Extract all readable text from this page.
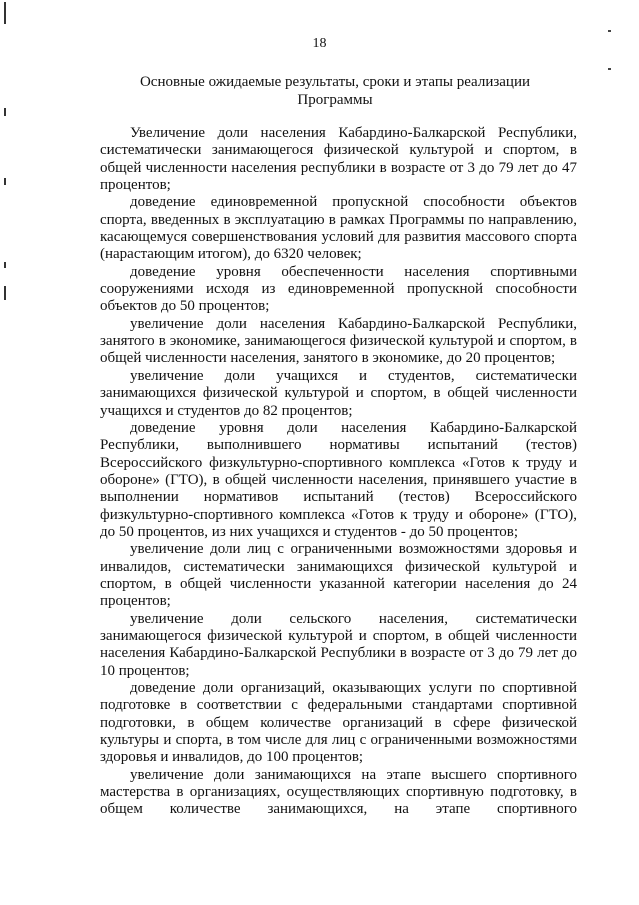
18
Основные ожидаемые результаты, сроки и этапы реализации
Программы

Увеличение доли населения Кабардино-Балкарской Республики, систематически занимающегося физической культурой и спортом, в общей численности населения республики в возрасте от 3 до 79 лет до 47 процентов;

доведение единовременной пропускной способности объектов спорта, введенных в эксплуатацию в рамках Программы по направлению, касающемуся совершенствования условий для развития массового спорта (нарастающим итогом), до 6320 человек;

доведение уровня обеспеченности населения спортивными сооружениями исходя из единовременной пропускной способности объектов до 50 процентов;

увеличение доли населения Кабардино-Балкарской Республики, занятого в экономике, занимающегося физической культурой и спортом, в общей численности населения, занятого в экономике, до 20 процентов;

увеличение доли учащихся и студентов, систематически занимающихся физической культурой и спортом, в общей численности учащихся и студентов до 82 процентов;

доведение уровня доли населения Кабардино-Балкарской Республики, выполнившего нормативы испытаний (тестов) Всероссийского физкультурно-спортивного комплекса «Готов к труду и обороне» (ГТО), в общей численности населения, принявшего участие в выполнении нормативов испытаний (тестов) Всероссийского физкультурно-спортивного комплекса «Готов к труду и обороне» (ГТО), до 50 процентов, из них учащихся и студентов - до 50 процентов;

увеличение доли лиц с ограниченными возможностями здоровья и инвалидов, систематически занимающихся физической культурой и спортом, в общей численности указанной категории населения до 24 процентов;

увеличение доли сельского населения, систематически занимающегося физической культурой и спортом, в общей численности населения Кабардино-Балкарской Республики в возрасте от 3 до 79 лет до 10 процентов;

доведение доли организаций, оказывающих услуги по спортивной подготовке в соответствии с федеральными стандартами спортивной подготовки, в общем количестве организаций в сфере физической культуры и спорта, в том числе для лиц с ограниченными возможностями здоровья и инвалидов, до 100 процентов;

увеличение доли занимающихся на этапе высшего спортивного мастерства в организациях, осуществляющих спортивную подготовку, в общем количестве занимающихся, на этапе спортивного
